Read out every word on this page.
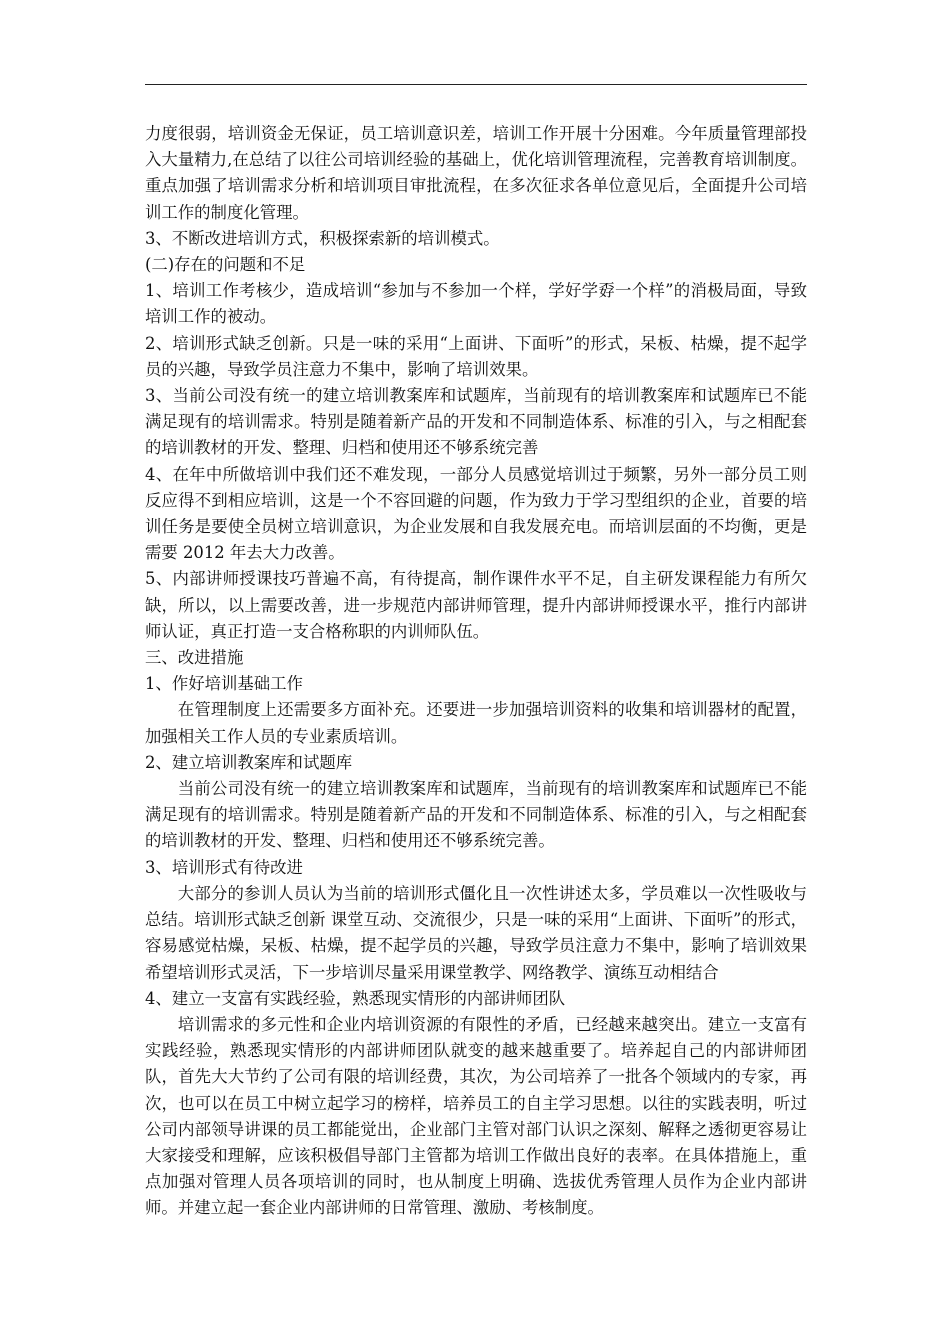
力度很弱，培训资金无保证，员工培训意识差，培训工作开展十分困难。今年质量管理部投入大量精力,在总结了以往公司培训经验的基础上，优化培训管理流程，完善教育培训制度。重点加强了培训需求分析和培训项目审批流程，在多次征求各单位意见后，全面提升公司培训工作的制度化管理。

3、不断改进培训方式，积极探索新的培训模式。

(二)存在的问题和不足

1、培训工作考核少，造成培训“参加与不参加一个样，学好学孬一个样”的消极局面，导致培训工作的被动。

2、培训形式缺乏创新。只是一味的采用“上面讲、下面听”的形式，呆板、枯燥，提不起学员的兴趣，导致学员注意力不集中，影响了培训效果。

3、当前公司没有统一的建立培训教案库和试题库，当前现有的培训教案库和试题库已不能满足现有的培训需求。特别是随着新产品的开发和不同制造体系、标准的引入，与之相配套的培训教材的开发、整理、归档和使用还不够系统完善

4、在年中所做培训中我们还不难发现，一部分人员感觉培训过于频繁，另外一部分员工则反应得不到相应培训，这是一个不容回避的问题，作为致力于学习型组织的企业，首要的培训任务是要使全员树立培训意识，为企业发展和自我发展充电。而培训层面的不均衡，更是需要 2012 年去大力改善。

5、内部讲师授课技巧普遍不高，有待提高，制作课件水平不足，自主研发课程能力有所欠缺，所以，以上需要改善，进一步规范内部讲师管理，提升内部讲师授课水平，推行内部讲师认证，真正打造一支合格称职的内训师队伍。

三、改进措施

1、作好培训基础工作

在管理制度上还需要多方面补充。还要进一步加强培训资料的收集和培训器材的配置，加强相关工作人员的专业素质培训。

2、建立培训教案库和试题库

当前公司没有统一的建立培训教案库和试题库，当前现有的培训教案库和试题库已不能满足现有的培训需求。特别是随着新产品的开发和不同制造体系、标准的引入，与之相配套的培训教材的开发、整理、归档和使用还不够系统完善。

3、培训形式有待改进

大部分的参训人员认为当前的培训形式僵化且一次性讲述太多，学员难以一次性吸收与总结。培训形式缺乏创新 课堂互动、交流很少，只是一味的采用“上面讲、下面听”的形式，容易感觉枯燥，呆板、枯燥，提不起学员的兴趣，导致学员注意力不集中，影响了培训效果希望培训形式灵活，下一步培训尽量采用课堂教学、网络教学、演练互动相结合

4、建立一支富有实践经验，熟悉现实情形的内部讲师团队

培训需求的多元性和企业内培训资源的有限性的矛盾，已经越来越突出。建立一支富有实践经验，熟悉现实情形的内部讲师团队就变的越来越重要了。培养起自己的内部讲师团队，首先大大节约了公司有限的培训经费，其次，为公司培养了一批各个领域内的专家，再次，也可以在员工中树立起学习的榜样，培养员工的自主学习思想。以往的实践表明，听过公司内部领导讲课的员工都能觉出，企业部门主管对部门认识之深刻、解释之透彻更容易让大家接受和理解，应该积极倡导部门主管都为培训工作做出良好的表率。在具体措施上，重点加强对管理人员各项培训的同时，也从制度上明确、选拔优秀管理人员作为企业内部讲师。并建立起一套企业内部讲师的日常管理、激励、考核制度。
